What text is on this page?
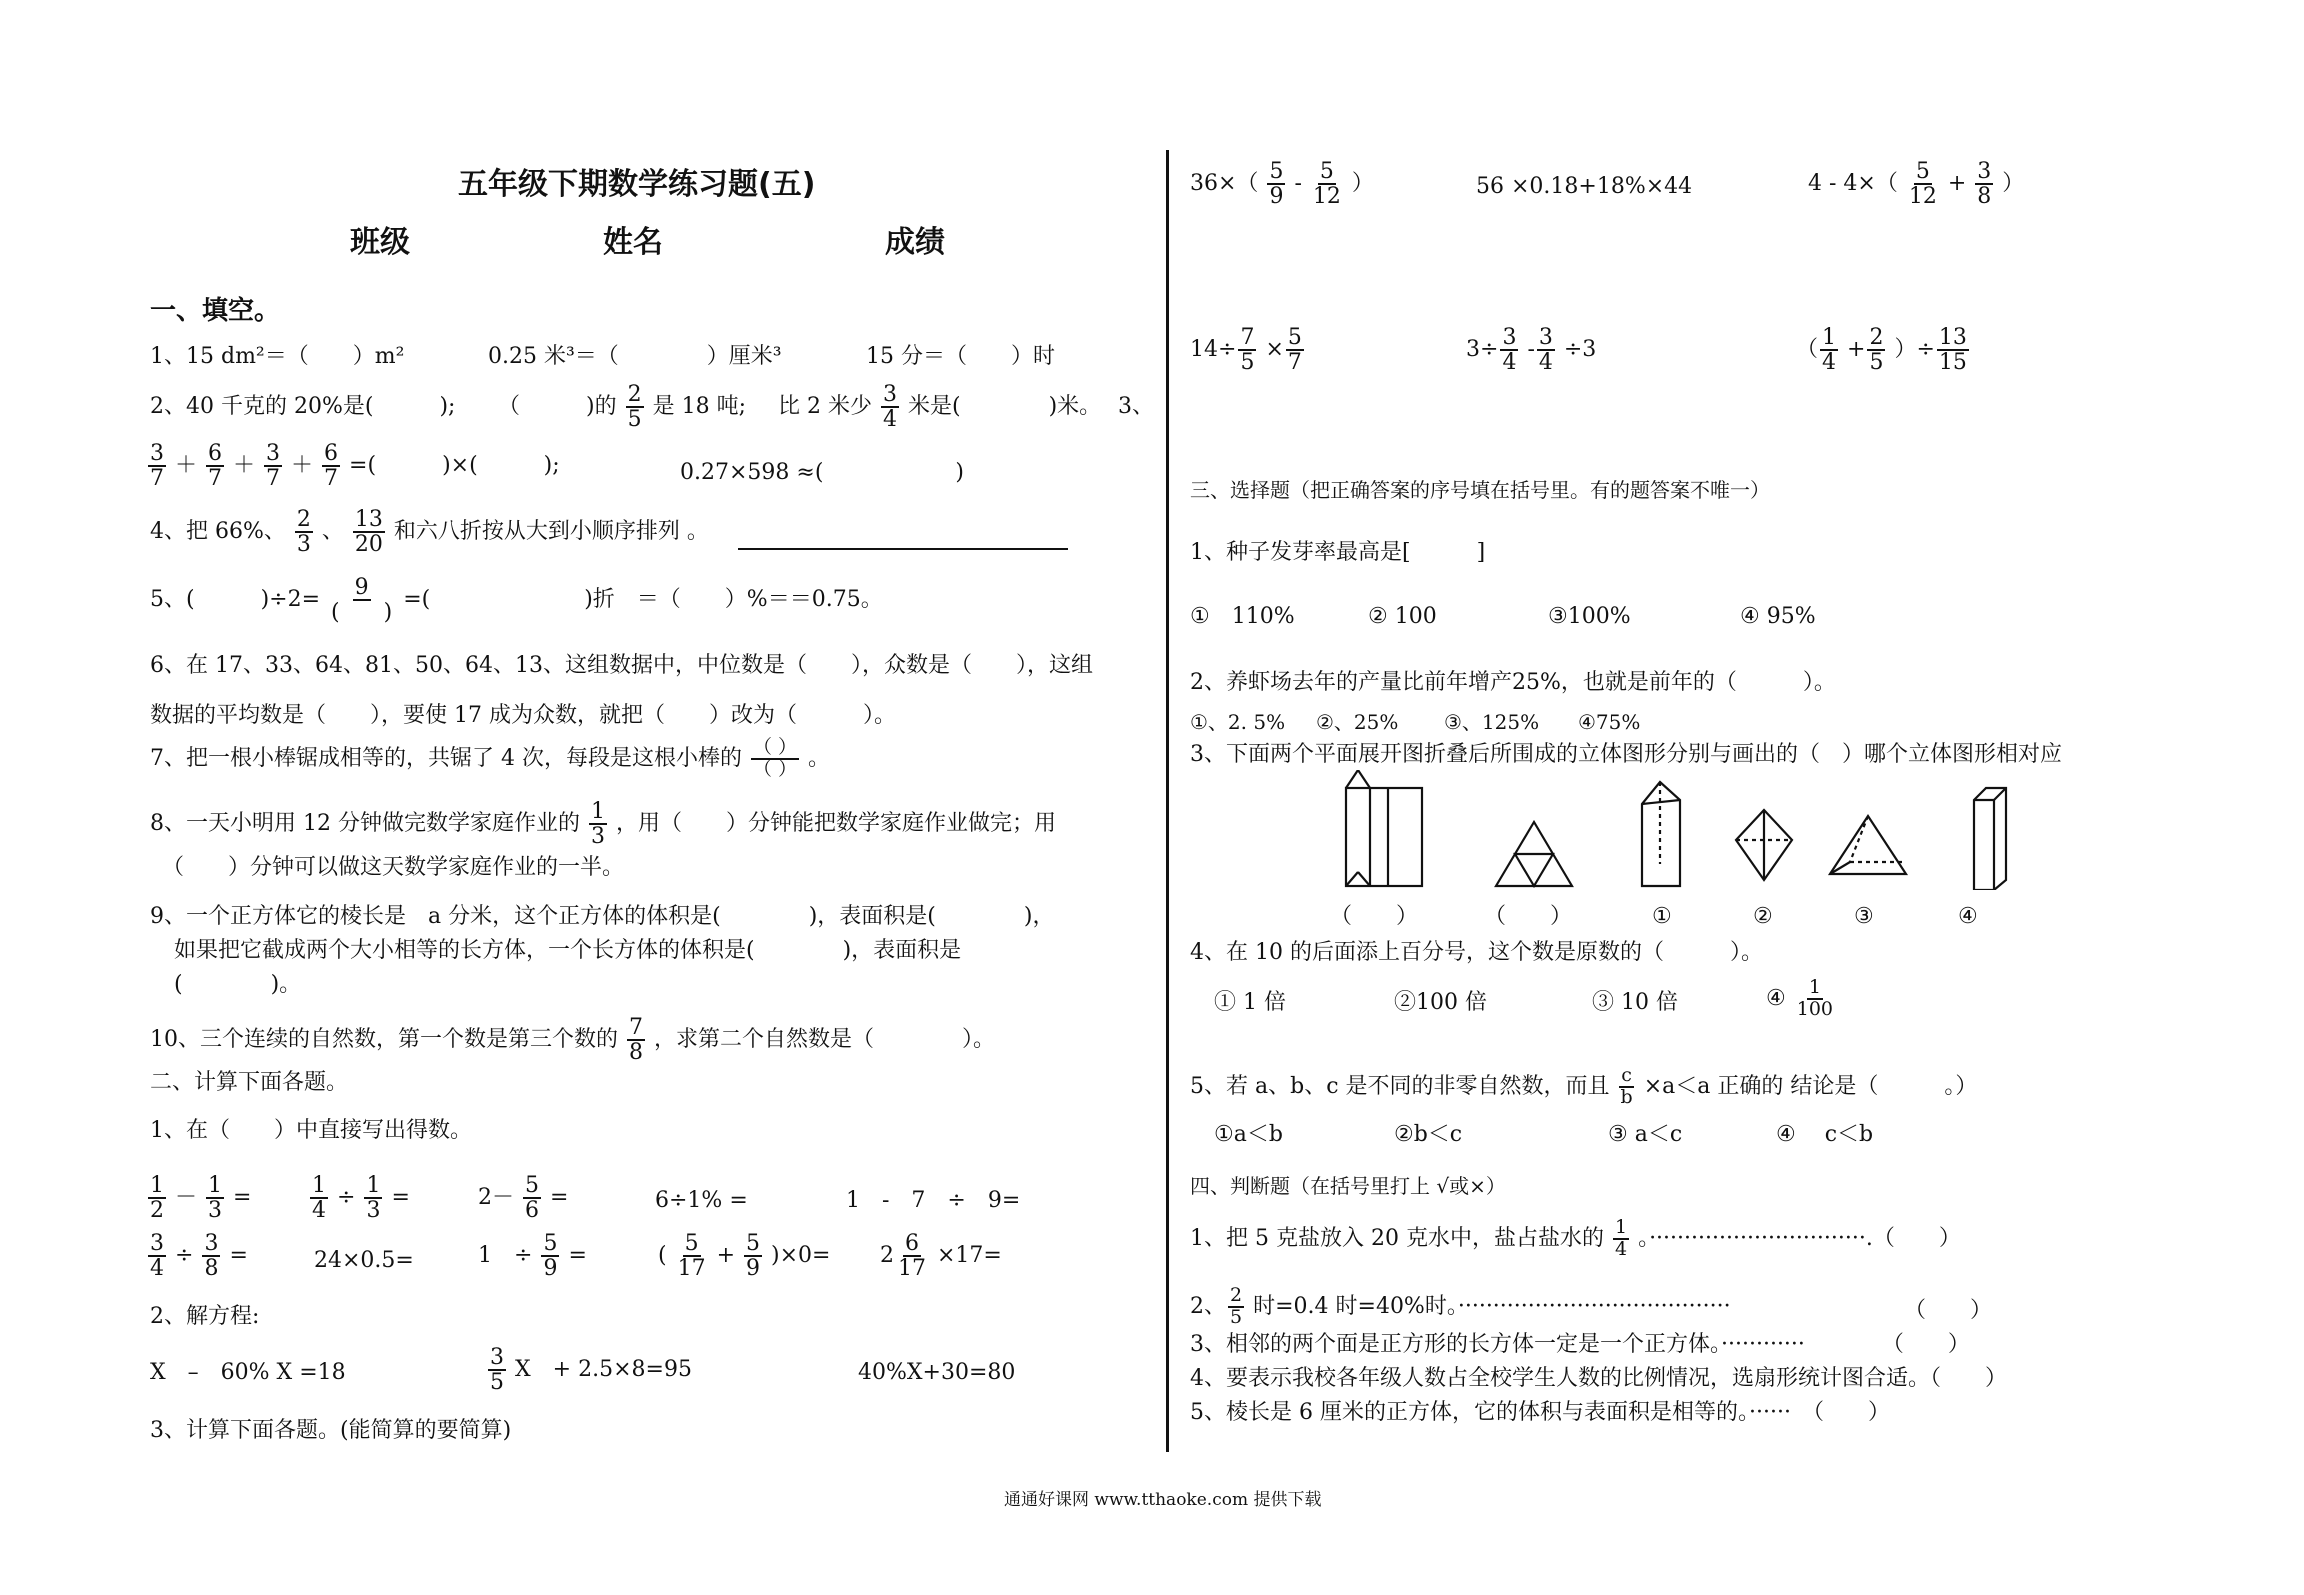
五年级下期数学练习题(五)
班级	姓名	成绩
一、填空。
1、15 dm²＝（　　）m²	0.25 米³＝（　　　　）厘米³	15 分＝（　　）时
2、40 千克的 20%是(　　　); （　　　)的 $\frac{2}{5}$ 是 18 吨; 比 2 米少 $\frac{3}{4}$ 米是(　　　　)米。 3、
$\frac{3}{7} + \frac{6}{7} + \frac{3}{7} + \frac{6}{7}$ =(　　　)×(　　　);	0.27×598 ≈(　　　　　　)
4、把 66%、 $\frac{2}{3}$ 、 $\frac{13}{20}$ 和六八折按从大到小顺序排列 。
5、(　　　)$\div 2= \frac{9}{( )}$ =(　　　　　　　)折　＝（　　）%＝＝0.75。
6、在 17、33、64、81、50、64、13、这组数据中，中位数是（　　），众数是（　　），这组
数据的平均数是（　　），要使 17 成为众数，就把（　　）改为（　　　）。
7、把一根小棒锯成相等的，共锯了 4 次，每段是这根小棒的 $\frac{( )}{( )}$ 。
8、一天小明用 12 分钟做完数学家庭作业的 $\frac{1}{3}$ ，用（　　）分钟能把数学家庭作业做完；用
（　　）分钟可以做这天数学家庭作业的一半。
9、一个正方体它的棱长是　a 分米，这个正方体的体积是(　　　　)，表面积是(　　　　)，
如果把它截成两个大小相等的长方体，一个长方体的体积是(　　　　)，表面积是
(　　　　)。
10、三个连续的自然数，第一个数是第三个数的 $\frac{7}{8}$ ，求第二个自然数是（　　　　）。
二、计算下面各题。
1、在（　　）中直接写出得数。
$\frac{1}{2} - \frac{1}{3}$ =	$\frac{1}{4} \div \frac{1}{3}$ =	$2- \frac{5}{6}$ =	6÷1% =	1　-　7　÷　9=
$\frac{3}{4} \div \frac{3}{8}$ =	24×0.5=	1　÷ $\frac{5}{9}$ =	( $\frac{5}{17} + \frac{5}{9} )\times 0= 2 \frac{6}{17} \times 17=$
2、解方程:
X　–　60% X =18	$\frac{3}{5}$ X　+ 2.5×8=95	40%X+30=80
3、计算下面各题。(能简算的要简算)
$36\times( \frac{5}{9} - \frac{5}{12}$ ）	56 ×0.18+18%×44	$4 - 4\times( \frac{5}{12} + \frac{3}{8}$ ）
$14\div \frac{7}{5} \times \frac{5}{7}$	$3\div \frac{3}{4} - \frac{3}{4} \div 3$	（ $\frac{1}{4} + \frac{2}{5}$ ）÷ $\frac{13}{15}$
三、选择题（把正确答案的序号填在括号里。有的题答案不唯一）
1、种子发芽率最高是[　　　]
①　110%	② 100	③100%	④ 95%
2、养虾场去年的产量比前年增产25%，也就是前年的（　　　）。
①、2. 5% ②、25% ③、125% ④75%
3、下面两个平面展开图折叠后所围成的立体图形分别与画出的（　）哪个立体图形相对应
（　　）	（　　）	①	②	③	④
4、在 10 的后面添上百分号，这个数是原数的（　　　）。
① 1 倍	②100 倍	③ 10 倍	④ $\frac{1}{100}$
5、若 a、b、c 是不同的非零自然数，而且 $\frac{c}{b} \times a<a$ 正确的 结论是（　　　。）
①a＜b	②b＜c	③ a＜c	④　 c＜b
四、判断题（在括号里打上 √或×）
1、把 5 克盐放入 20 克水中，盐占盐水的 $\frac{1}{4}$ 。·······························.（　　）
2、 $\frac{2}{5}$ 时=0.4 时=40%时。·······································	（　　）
3、相邻的两个面是正方形的长方体一定是一个正方体。············　　　　（　　）
4、要表示我校各年级人数占全校学生人数的比例情况，选扇形统计图合适。（　　）
5、棱长是 6 厘米的正方体，它的体积与表面积是相等的。······　（　　）
通通好课网 www.tthaoke.com 提供下载
